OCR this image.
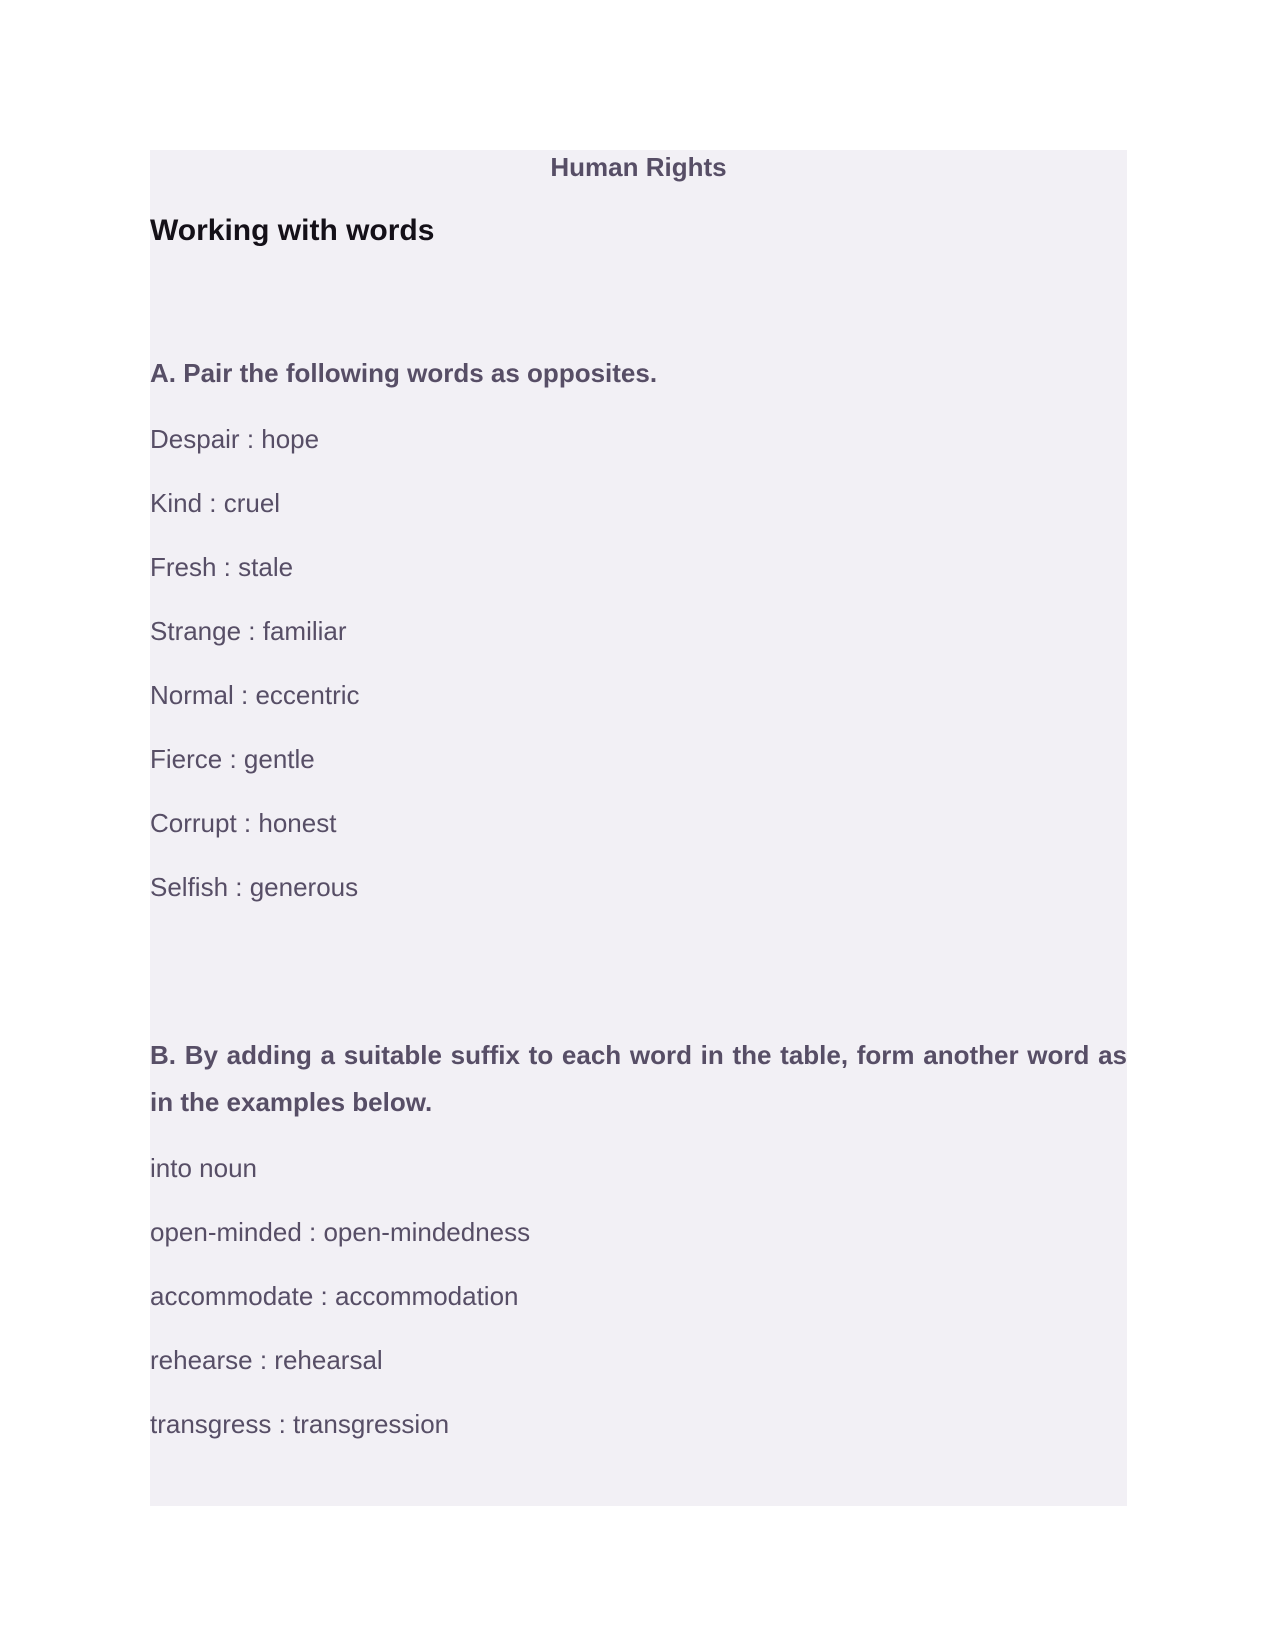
Human Rights
Working with words

A. Pair the following words as opposites.

Despair : hope

Kind : cruel

Fresh : stale

Strange : familiar

Normal : eccentric

Fierce : gentle

Corrupt : honest

Selfish : generous

B. By adding a suitable suffix to each word in the table, form another word as in the examples below.

into noun

open-minded : open-mindedness

accommodate : accommodation

rehearse : rehearsal

transgress : transgression
